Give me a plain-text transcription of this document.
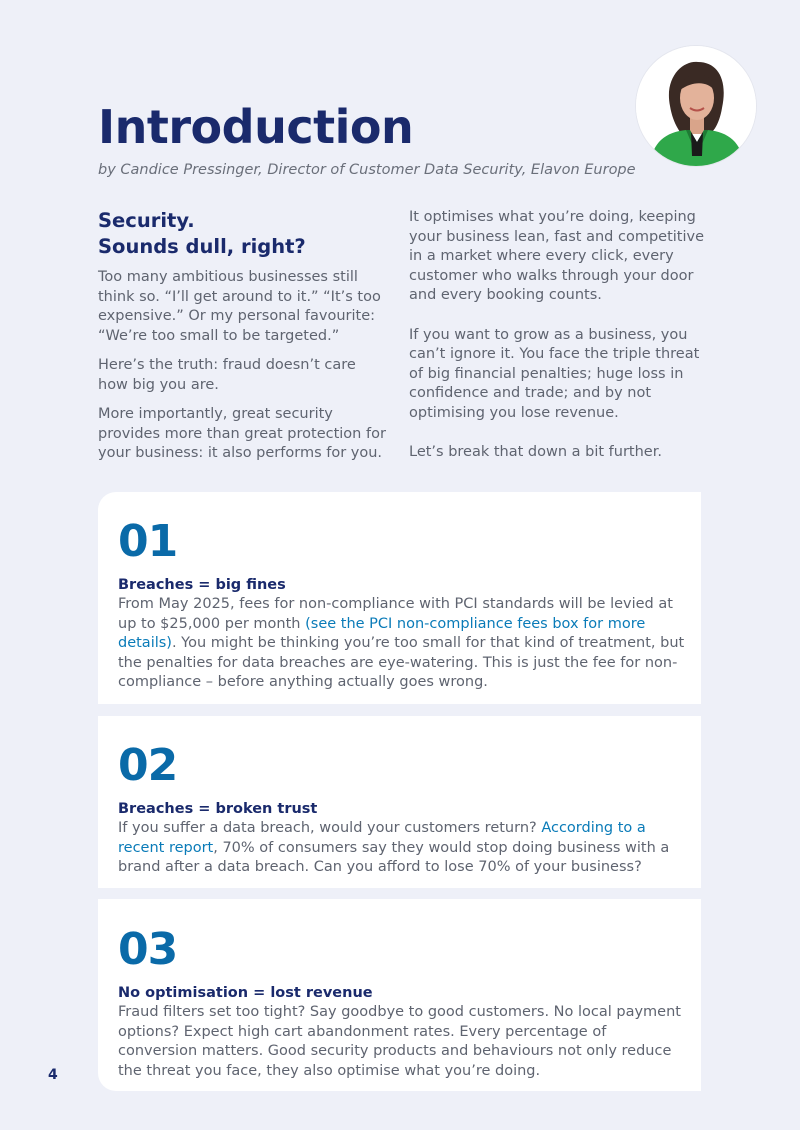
Introduction
by Candice Pressinger, Director of Customer Data Security, Elavon Europe
Security.
Sounds dull, right?

Too many ambitious businesses still think so. “I’ll get around to it.” “It’s too expensive.” Or my personal favourite: “We’re too small to be targeted.”

Here’s the truth: fraud doesn’t care how big you are.

More importantly, great security provides more than great protection for your business: it also performs for you.

It optimises what you’re doing, keeping your business lean, fast and competitive in a market where every click, every customer who walks through your door and every booking counts.

If you want to grow as a business, you can’t ignore it. You face the triple threat of big financial penalties; huge loss in confidence and trade; and by not optimising you lose revenue.

Let’s break that down a bit further.

01
Breaches = big fines
From May 2025, fees for non-compliance with PCI standards will be levied at up to $25,000 per month (see the PCI non-compliance fees box for more details). You might be thinking you’re too small for that kind of treatment, but the penalties for data breaches are eye-watering. This is just the fee for non-compliance – before anything actually goes wrong.
02
Breaches = broken trust
If you suffer a data breach, would your customers return? According to a recent report, 70% of consumers say they would stop doing business with a brand after a data breach. Can you afford to lose 70% of your business?
03
No optimisation = lost revenue
Fraud filters set too tight? Say goodbye to good customers. No local payment options? Expect high cart abandonment rates. Every percentage of conversion matters. Good security products and behaviours not only reduce the threat you face, they also optimise what you’re doing.
4
